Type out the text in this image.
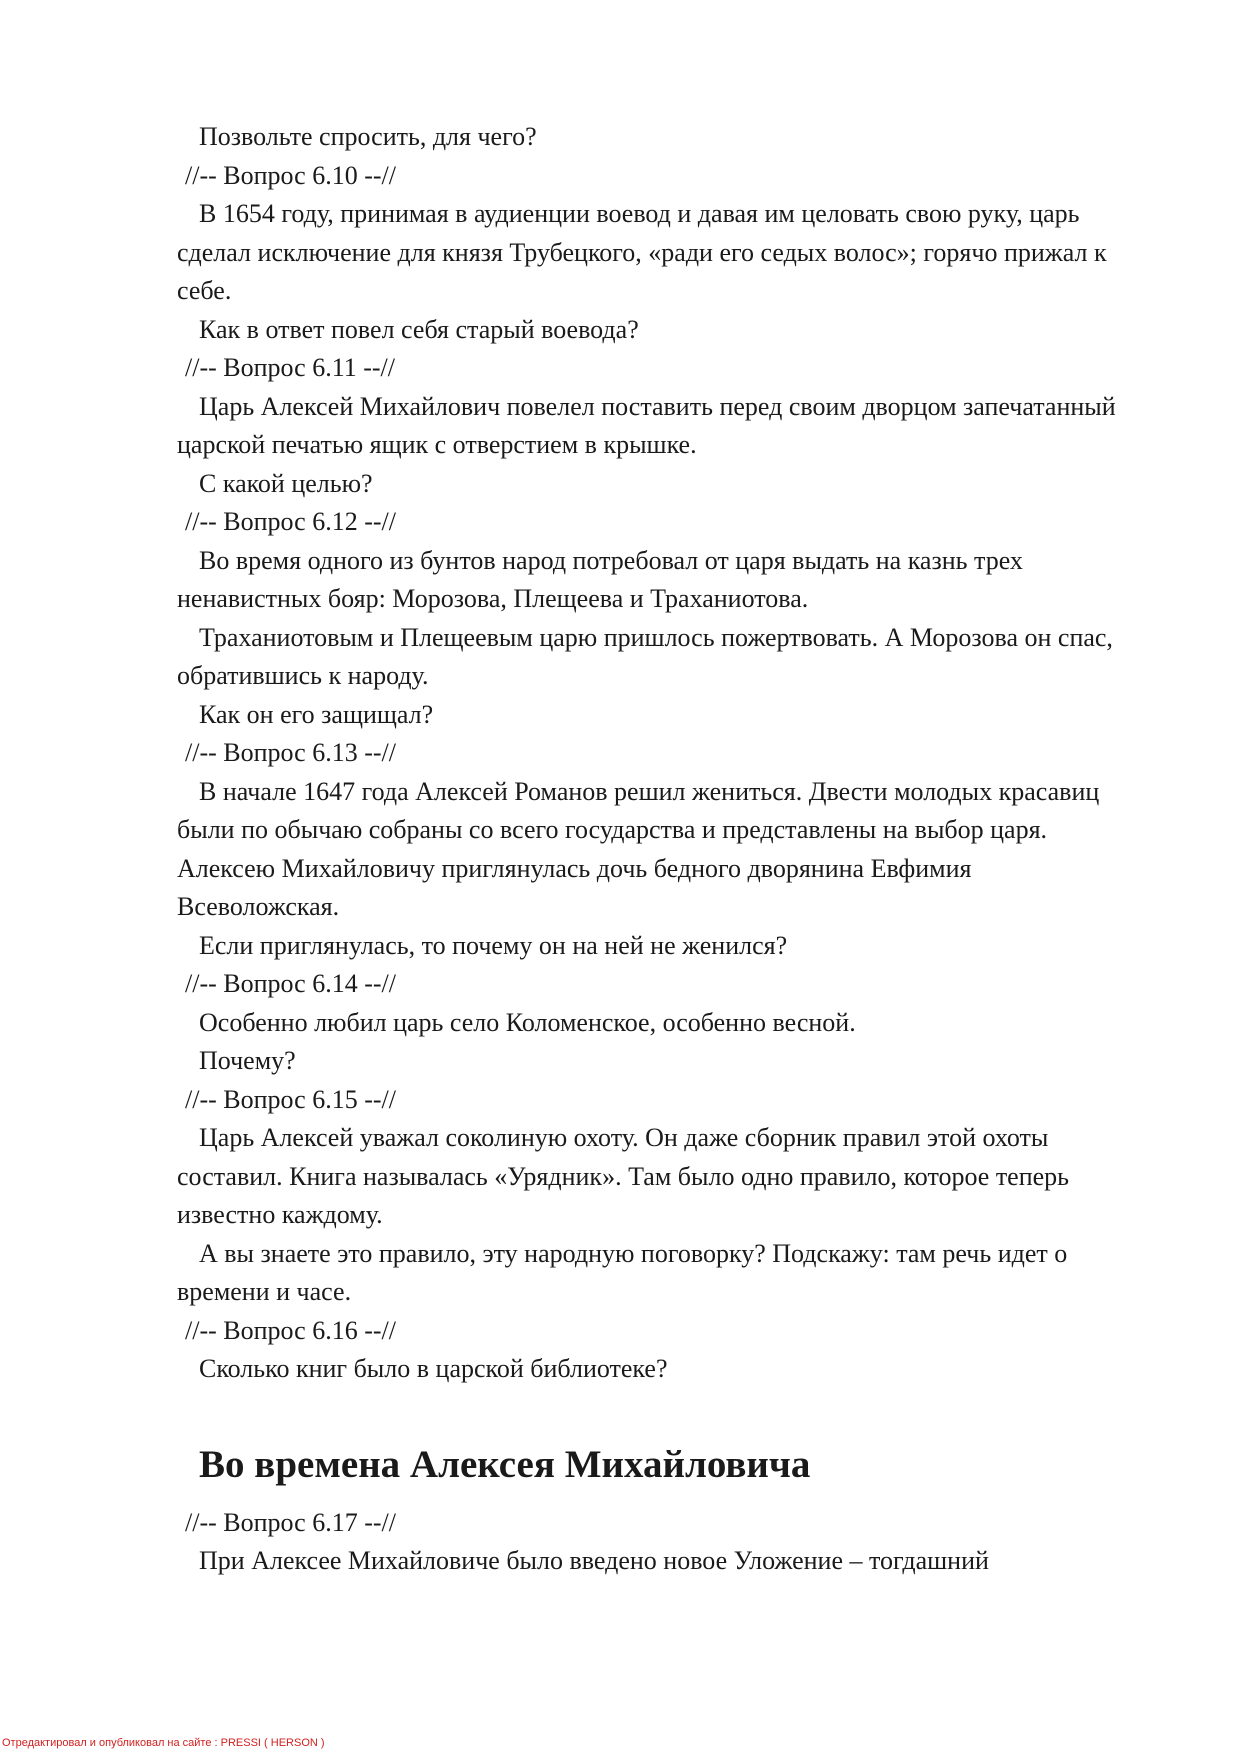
Позвольте спросить, для чего?

//-- Вопрос 6.10 --//

В 1654 году, принимая в аудиенции воевод и давая им целовать свою руку, царь сделал исключение для князя Трубецкого, «ради его седых волос»; горячо прижал к себе.

Как в ответ повел себя старый воевода?

//-- Вопрос 6.11 --//

Царь Алексей Михайлович повелел поставить перед своим дворцом запечатанный царской печатью ящик с отверстием в крышке.

С какой целью?

//-- Вопрос 6.12 --//

Во время одного из бунтов народ потребовал от царя выдать на казнь трех ненавистных бояр: Морозова, Плещеева и Траханиотова.

Траханиотовым и Плещеевым царю пришлось пожертвовать. А Морозова он спас, обратившись к народу.

Как он его защищал?

//-- Вопрос 6.13 --//

В начале 1647 года Алексей Романов решил жениться. Двести молодых красавиц были по обычаю собраны со всего государства и представлены на выбор царя. Алексею Михайловичу приглянулась дочь бедного дворянина Евфимия Всеволожская.

Если приглянулась, то почему он на ней не женился?

//-- Вопрос 6.14 --//

Особенно любил царь село Коломенское, особенно весной.

Почему?

//-- Вопрос 6.15 --//

Царь Алексей уважал соколиную охоту. Он даже сборник правил этой охоты составил. Книга называлась «Урядник». Там было одно правило, которое теперь известно каждому.

А вы знаете это правило, эту народную поговорку? Подскажу: там речь идет о времени и часе.

//-- Вопрос 6.16 --//

Сколько книг было в царской библиотеке?

Во времена Алексея Михайловича

//-- Вопрос 6.17 --//

При Алексее Михайловиче было введено новое Уложение – тогдашний

Отредактировал и опубликовал на сайте : PRESSI ( HERSON )
